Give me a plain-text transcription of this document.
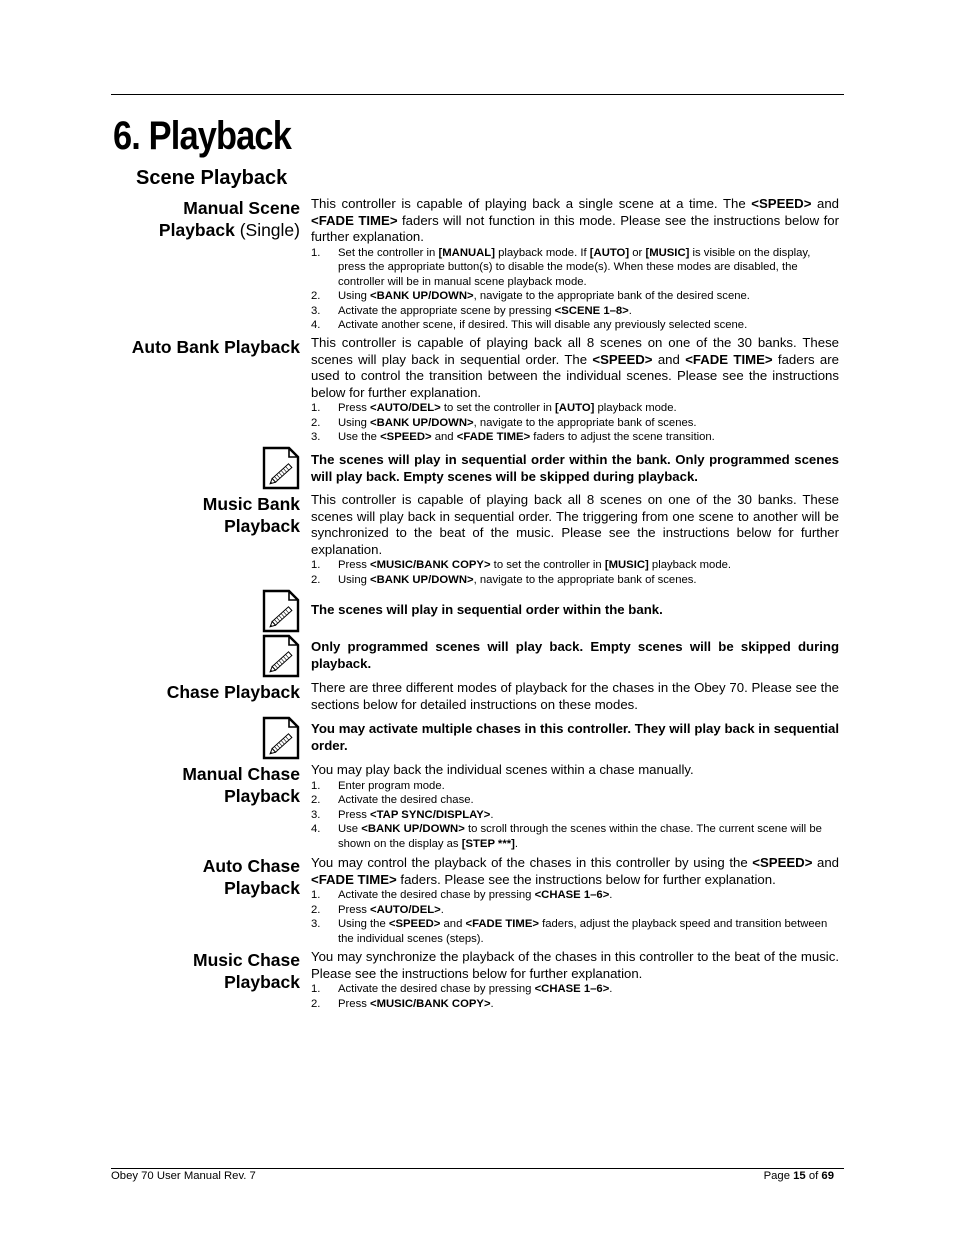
6. Playback
Scene Playback
Manual Scene
Playback (Single)

This controller is capable of playing back a single scene at a time. The <SPEED> and <FADE TIME> faders will not function in this mode. Please see the instructions below for further explanation.

1. Set the controller in [MANUAL] playback mode. If [AUTO] or [MUSIC] is visible on the display, press the appropriate button(s) to disable the mode(s). When these modes are disabled, the controller will be in manual scene playback mode.
2. Using <BANK UP/DOWN>, navigate to the appropriate bank of the desired scene.
3. Activate the appropriate scene by pressing <SCENE 1–8>.
4. Activate another scene, if desired. This will disable any previously selected scene.
Auto Bank Playback This controller is capable of playing back all 8 scenes on one of the 30 banks. These scenes will play back in sequential order. The <SPEED> and <FADE TIME> faders are used to control the transition between the individual scenes. Please see the instructions below for further explanation.

1. Press <AUTO/DEL> to set the controller in [AUTO] playback mode.
2. Using <BANK UP/DOWN>, navigate to the appropriate bank of scenes.
3. Use the <SPEED> and <FADE TIME> faders to adjust the scene transition.

The scenes will play in sequential order within the bank. Only programmed scenes will play back. Empty scenes will be skipped during playback.

Music Bank
Playback

This controller is capable of playing back all 8 scenes on one of the 30 banks. These scenes will play back in sequential order. The triggering from one scene to another will be synchronized to the beat of the music. Please see the instructions below for further explanation.

1. Press <MUSIC/BANK COPY> to set the controller in [MUSIC] playback mode.
2. Using <BANK UP/DOWN>, navigate to the appropriate bank of scenes.

The scenes will play in sequential order within the bank.

Only programmed scenes will play back. Empty scenes will be skipped during playback.

Chase Playback There are three different modes of playback for the chases in the Obey 70. Please see the sections below for detailed instructions on these modes.

You may activate multiple chases in this controller. They will play back in sequential order.

Manual Chase
Playback

You may play back the individual scenes within a chase manually.

1. Enter program mode.
2. Activate the desired chase.
3. Press <TAP SYNC/DISPLAY>.
4. Use <BANK UP/DOWN> to scroll through the scenes within the chase. The current scene will be shown on the display as [STEP ***].
Auto Chase
Playback

You may control the playback of the chases in this controller by using the <SPEED> and <FADE TIME> faders. Please see the instructions below for further explanation.

1. Activate the desired chase by pressing <CHASE 1–6>.
2. Press <AUTO/DEL>.
3. Using the <SPEED> and <FADE TIME> faders, adjust the playback speed and transition between the individual scenes (steps).
Music Chase
Playback

You may synchronize the playback of the chases in this controller to the beat of the music. Please see the instructions below for further explanation.

1. Activate the desired chase by pressing <CHASE 1–6>.
2. Press <MUSIC/BANK COPY>.
Obey 70 User Manual Rev. 7	Page 15 of 69
